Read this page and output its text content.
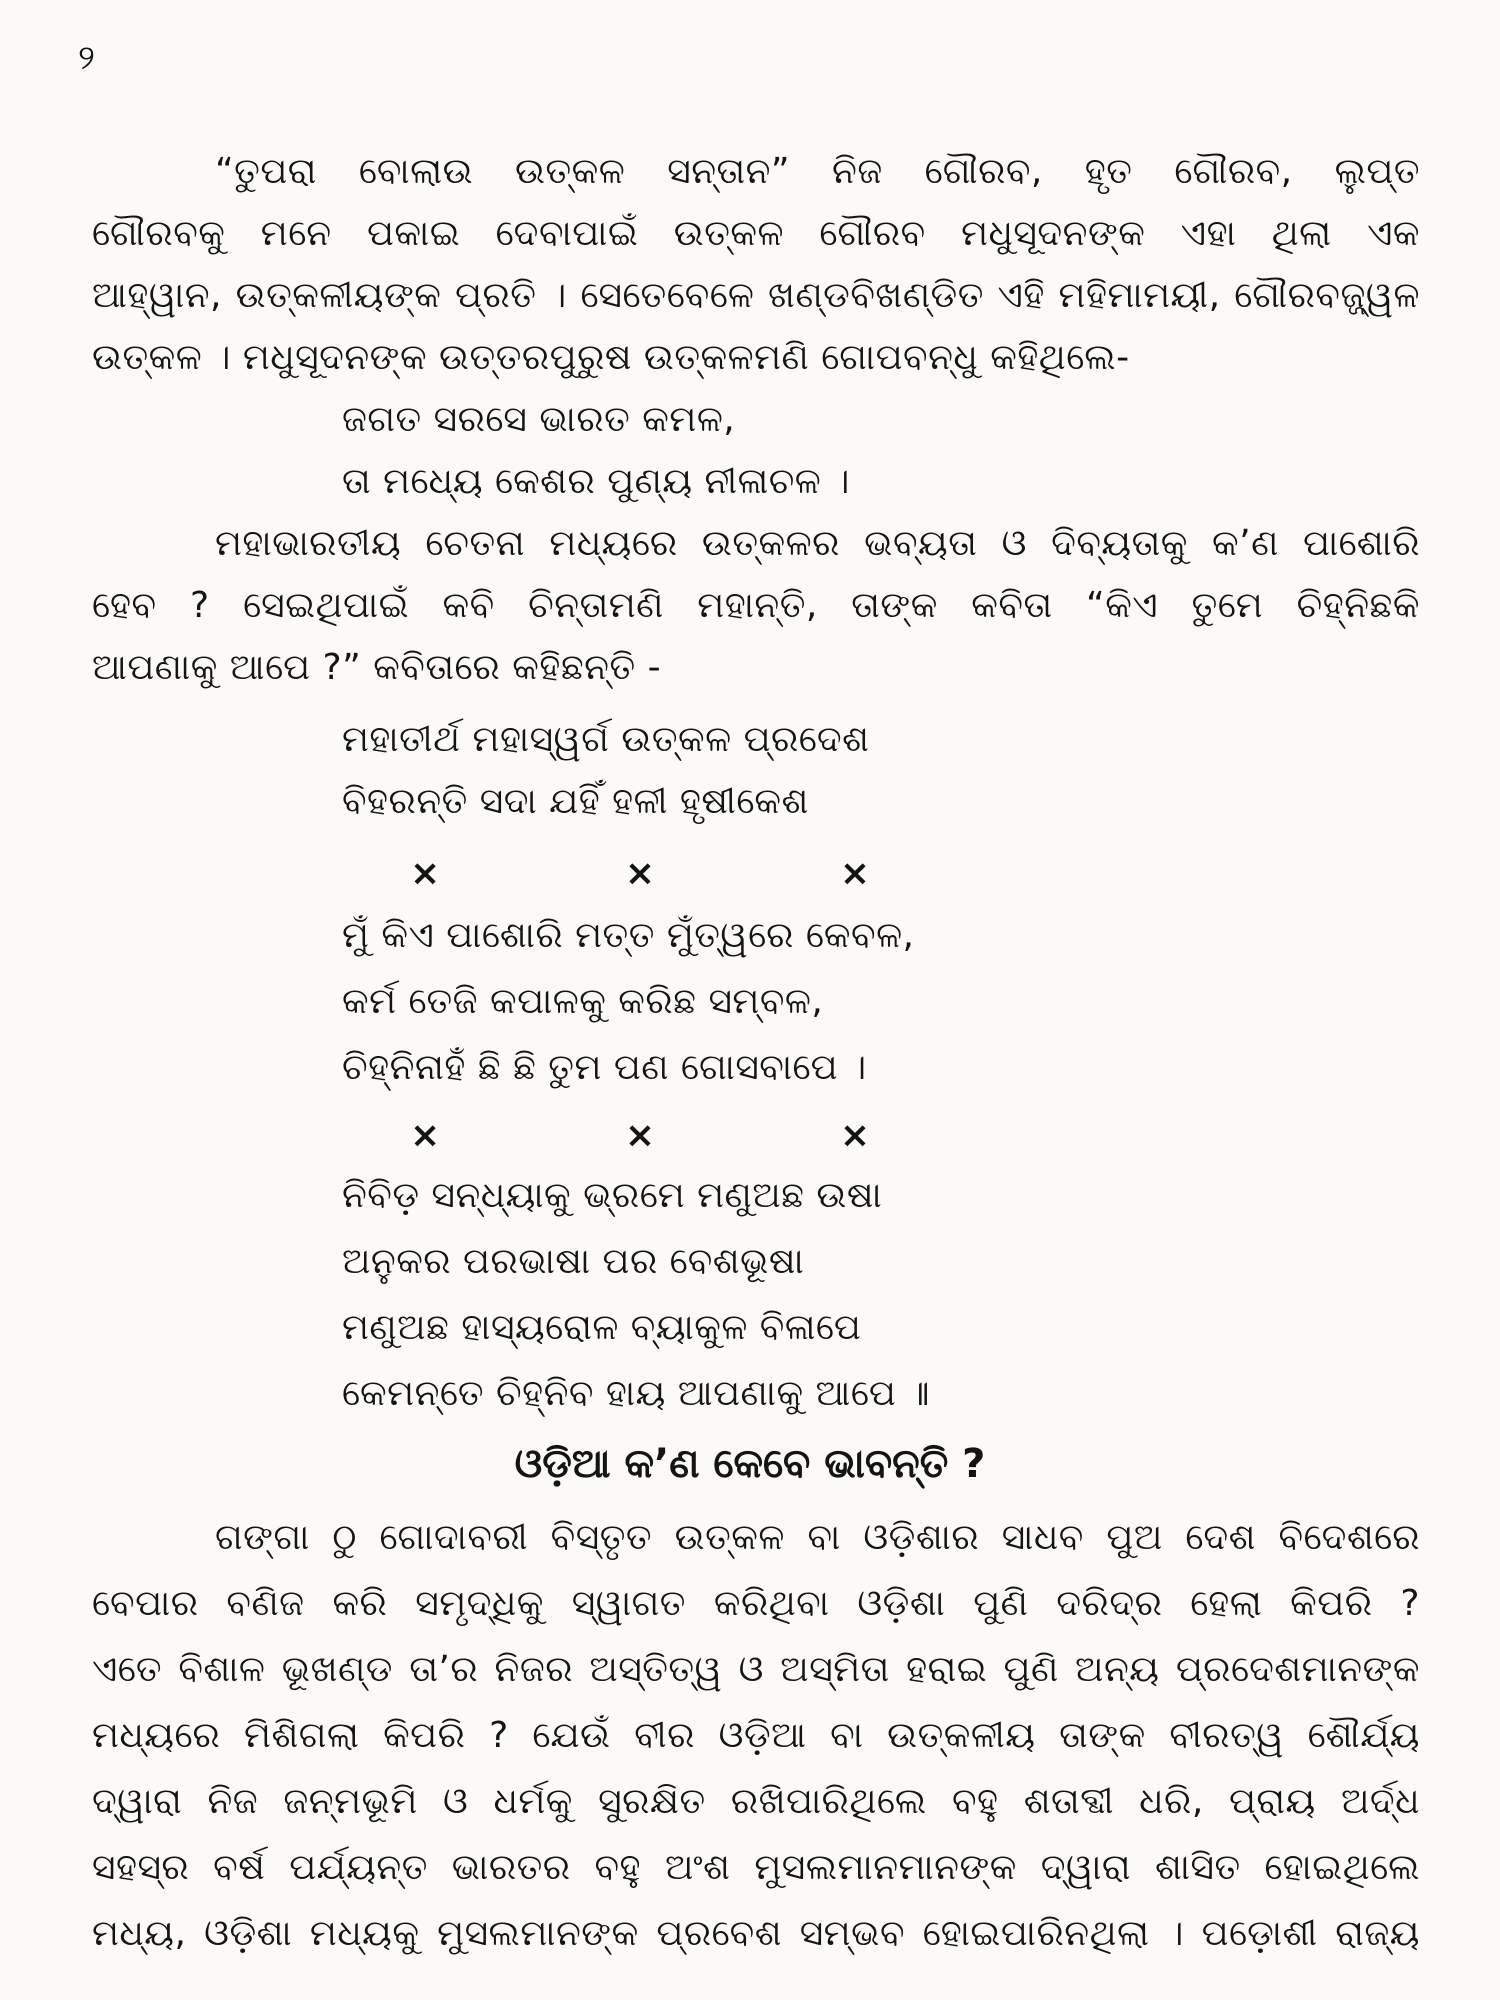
୨
“ତୁପରା ବୋଲାଉ ଉତ୍କଳ ସନ୍ତାନ” ନିଜ ଗୌରବ, ହୃତ ଗୌରବ, ଲୁପ୍ତ
ଗୌରବକୁ ମନେ ପକାଇ ଦେବାପାଇଁ ଉତ୍କଳ ଗୌରବ ମଧୁସୂଦନଙ୍କ ଏହା ଥିଲା ଏକ
ଆହ୍ୱାନ, ଉତ୍କଳୀୟଙ୍କ ପ୍ରତି । ସେତେବେଳେ ଖଣ୍ଡବିଖଣ୍ଡିତ ଏହି ମହିମାମୟୀ, ଗୌରବଜ୍ଜ୍ୱଳ
ଉତ୍କଳ । ମଧୁସୂଦନଙ୍କ ଉତ୍ତରପୁରୁଷ ଉତ୍କଳମଣି ଗୋପବନ୍ଧୁ କହିଥିଲେ-
ଜଗତ ସରସେ ଭାରତ କମଳ,
ତା ମଧ୍ୟେ କେଶର ପୁଣ୍ୟ ନୀଳାଚଳ ।
ମହାଭାରତୀୟ ଚେତନା ମଧ୍ୟରେ ଉତ୍କଳର ଭବ୍ୟତା ଓ ଦିବ୍ୟତାକୁ କ’ଣ ପାଶୋରି
ହେବ ? ସେଇଥିପାଇଁ କବି ଚିନ୍ତାମଣି ମହାନ୍ତି, ତାଙ୍କ କବିତା “କିଏ ତୁମେ ଚିହ୍ନିଛକି
ଆପଣାକୁ ଆପେ ?” କବିତାରେ କହିଛନ୍ତି -
ମହାତୀର୍ଥ ମହାସ୍ୱର୍ଗ ଉତ୍କଳ ପ୍ରଦେଶ
ବିହରନ୍ତି ସଦା ଯହିଁ ହଳୀ ହୃଷୀକେଶ
×	×	×
ମୁଁ କିଏ ପାଶୋରି ମତ୍ତ ମୁଁତ୍ୱରେ କେବଳ,
କର୍ମ ତେଜି କପାଳକୁ କରିଛ ସମ୍ବଳ,
ଚିହ୍ନିନାହଁ ଛି ଛି ତୁମ ପଣ ଗୋସବାପେ ।
×	×	×
ନିବିଡ଼ ସନ୍ଧ୍ୟାକୁ ଭ୍ରମେ ମଣୁଅଛ ଉଷା
ଅନୁକର ପରଭାଷା ପର ବେଶଭୂଷା
ମଣୁଅଛ ହାସ୍ୟରୋଳ ବ୍ୟାକୁଳ ବିଳାପେ
କେମନ୍ତେ ଚିହ୍ନିବ ହାୟ ଆପଣାକୁ ଆପେ ॥
ଓଡ଼ିଆ କ’ଣ କେବେ ଭାବନ୍ତି ?
ଗଙ୍ଗା ଠୁ ଗୋଦାବରୀ ବିସ୍ତୃତ ଉତ୍କଳ ବା ଓଡ଼ିଶାର ସାଧବ ପୁଅ ଦେଶ ବିଦେଶରେ
ବେପାର ବଣିଜ କରି ସମୃଦ୍ଧିକୁ ସ୍ୱାଗତ କରିଥିବା ଓଡ଼ିଶା ପୁଣି ଦରିଦ୍ର ହେଲା କିପରି ?
ଏତେ ବିଶାଳ ଭୂଖଣ୍ଡ ତା’ର ନିଜର ଅସ୍ତିତ୍ୱ ଓ ଅସ୍ମିତା ହରାଇ ପୁଣି ଅନ୍ୟ ପ୍ରଦେଶମାନଙ୍କ
ମଧ୍ୟରେ ମିଶିଗଲା କିପରି ? ଯେଉଁ ବୀର ଓଡ଼ିଆ ବା ଉତ୍କଳୀୟ ତାଙ୍କ ବୀରତ୍ୱ ଶୌର୍ଯ୍ୟ
ଦ୍ୱାରା ନିଜ ଜନ୍ମଭୂମି ଓ ଧର୍ମକୁ ସୁରକ୍ଷିତ ରଖିପାରିଥିଲେ ବହୁ ଶତାବ୍ଦୀ ଧରି, ପ୍ରାୟ ଅର୍ଦ୍ଧ
ସହସ୍ର ବର୍ଷ ପର୍ଯ୍ୟନ୍ତ ଭାରତର ବହୁ ଅଂଶ ମୁସଲମାନମାନଙ୍କ ଦ୍ୱାରା ଶାସିତ ହୋଇଥିଲେ
ମଧ୍ୟ, ଓଡ଼ିଶା ମଧ୍ୟକୁ ମୁସଲମାନଙ୍କ ପ୍ରବେଶ ସମ୍ଭବ ହୋଇପାରିନଥିଲା । ପଡ଼ୋଶୀ ରାଜ୍ୟ
